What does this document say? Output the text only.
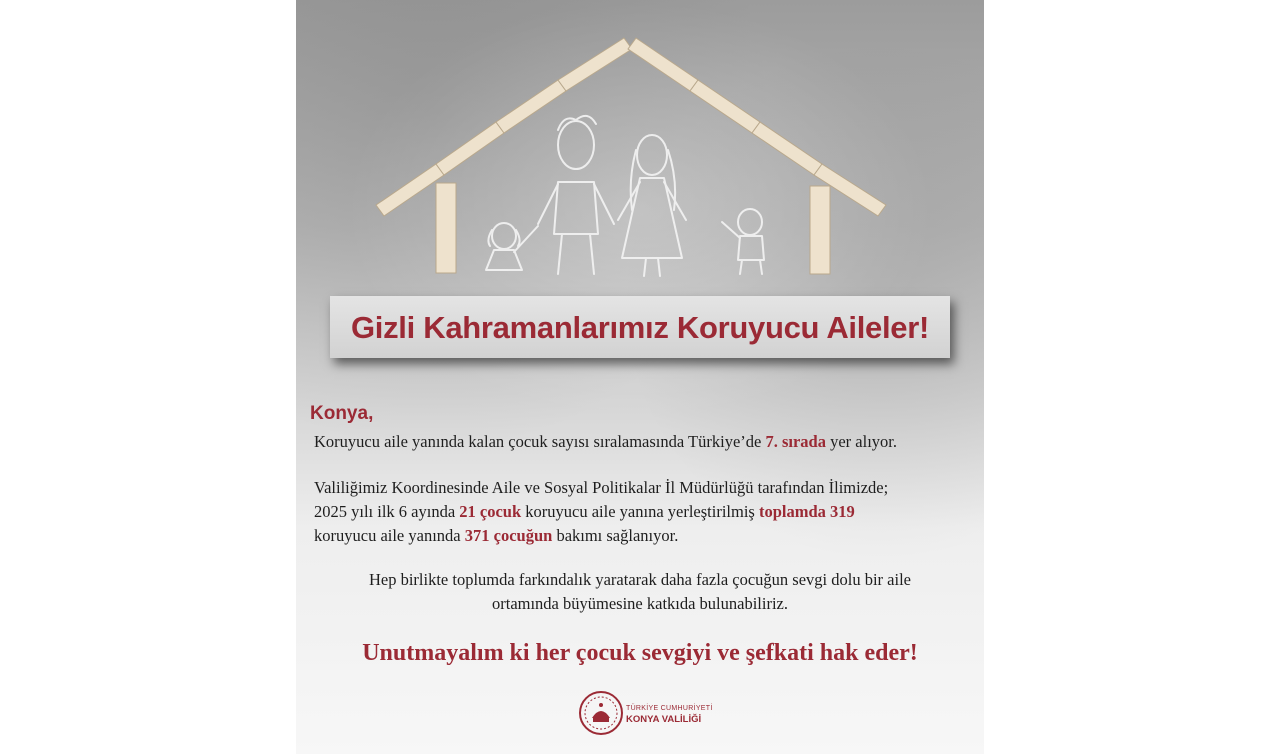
Gizli Kahramanlarımız Koruyucu Aileler!
Konya,
Koruyucu aile yanında kalan çocuk sayısı sıralamasında Türkiye’de 7. sırada yer alıyor.
Valiliğimiz Koordinesinde Aile ve Sosyal Politikalar İl Müdürlüğü tarafından İlimizde;
2025 yılı ilk 6 ayında 21 çocuk koruyucu aile yanına yerleştirilmiş toplamda 319
koruyucu aile yanında 371 çocuğun bakımı sağlanıyor.
Hep birlikte toplumda farkındalık yaratarak daha fazla çocuğun sevgi dolu bir aile
ortamında büyümesine katkıda bulunabiliriz.
Unutmayalım ki her çocuk sevgiyi ve şefkati hak eder!
TÜRKİYE CUMHURİYETİ
KONYA VALİLİĞİ
